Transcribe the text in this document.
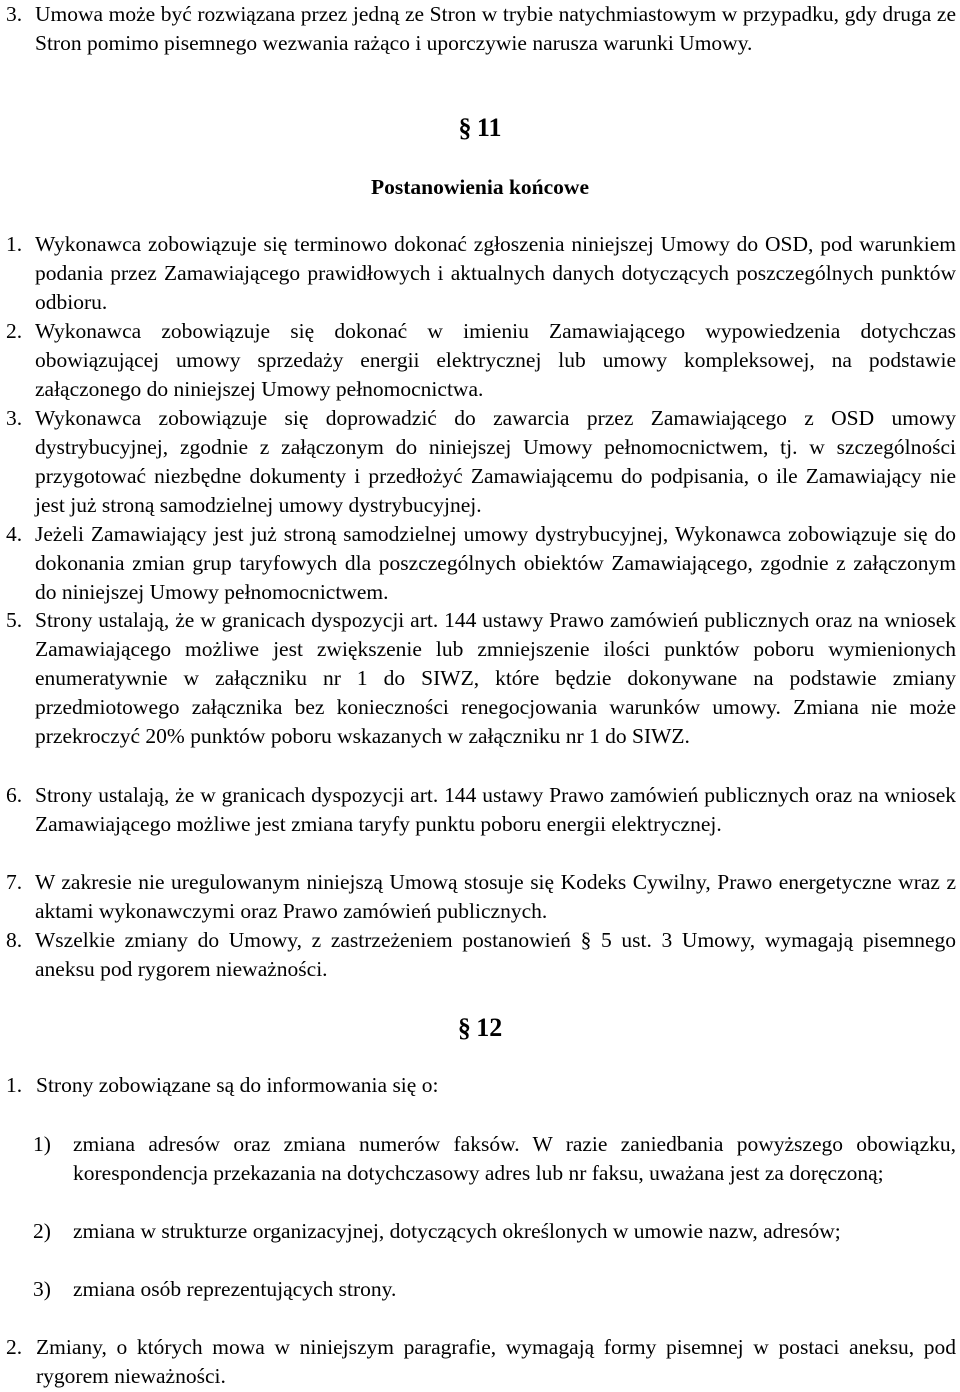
3. Umowa może być rozwiązana przez jedną ze Stron w trybie natychmiastowym w przypadku, gdy druga ze Stron pomimo pisemnego wezwania rażąco i uporczywie narusza warunki Umowy.
§ 11
Postanowienia końcowe
1. Wykonawca zobowiązuje się terminowo dokonać zgłoszenia niniejszej Umowy do OSD, pod warunkiem podania przez Zamawiającego prawidłowych i aktualnych danych dotyczących poszczególnych punktów odbioru.
2. Wykonawca zobowiązuje się dokonać w imieniu Zamawiającego wypowiedzenia dotychczas obowiązującej umowy sprzedaży energii elektrycznej lub umowy kompleksowej, na podstawie załączonego do niniejszej Umowy pełnomocnictwa.
3. Wykonawca zobowiązuje się doprowadzić do zawarcia przez Zamawiającego z OSD umowy dystrybucyjnej, zgodnie z załączonym do niniejszej Umowy pełnomocnictwem, tj. w szczególności przygotować niezbędne dokumenty i przedłożyć Zamawiającemu do podpisania, o ile Zamawiający nie jest już stroną samodzielnej umowy dystrybucyjnej.
4. Jeżeli Zamawiający jest już stroną samodzielnej umowy dystrybucyjnej, Wykonawca zobowiązuje się do dokonania zmian grup taryfowych dla poszczególnych obiektów Zamawiającego, zgodnie z załączonym do niniejszej Umowy pełnomocnictwem.
5. Strony ustalają, że w granicach dyspozycji art. 144 ustawy Prawo zamówień publicznych oraz na wniosek Zamawiającego możliwe jest zwiększenie lub zmniejszenie ilości punktów poboru wymienionych enumeratywnie w załączniku nr 1 do SIWZ, które będzie dokonywane na podstawie zmiany przedmiotowego załącznika bez konieczności renegocjowania warunków umowy. Zmiana nie może przekroczyć 20% punktów poboru wskazanych w załączniku nr 1 do SIWZ.
6. Strony ustalają, że w granicach dyspozycji art. 144 ustawy Prawo zamówień publicznych oraz na wniosek Zamawiającego możliwe jest zmiana taryfy punktu poboru energii elektrycznej.
7. W zakresie nie uregulowanym niniejszą Umową stosuje się Kodeks Cywilny, Prawo energetyczne wraz z aktami wykonawczymi oraz Prawo zamówień publicznych.
8. Wszelkie zmiany do Umowy, z zastrzeżeniem postanowień § 5 ust. 3 Umowy, wymagają pisemnego aneksu pod rygorem nieważności.
§ 12
1. Strony zobowiązane są do informowania się o:
1) zmiana adresów oraz zmiana numerów faksów. W razie zaniedbania powyższego obowiązku, korespondencja przekazania na dotychczasowy adres lub nr faksu, uważana jest za doręczoną;
2) zmiana w strukturze organizacyjnej, dotyczących określonych w umowie nazw, adresów;
3) zmiana osób reprezentujących strony.
2. Zmiany, o których mowa w niniejszym paragrafie, wymagają formy pisemnej w postaci aneksu, pod rygorem nieważności.
